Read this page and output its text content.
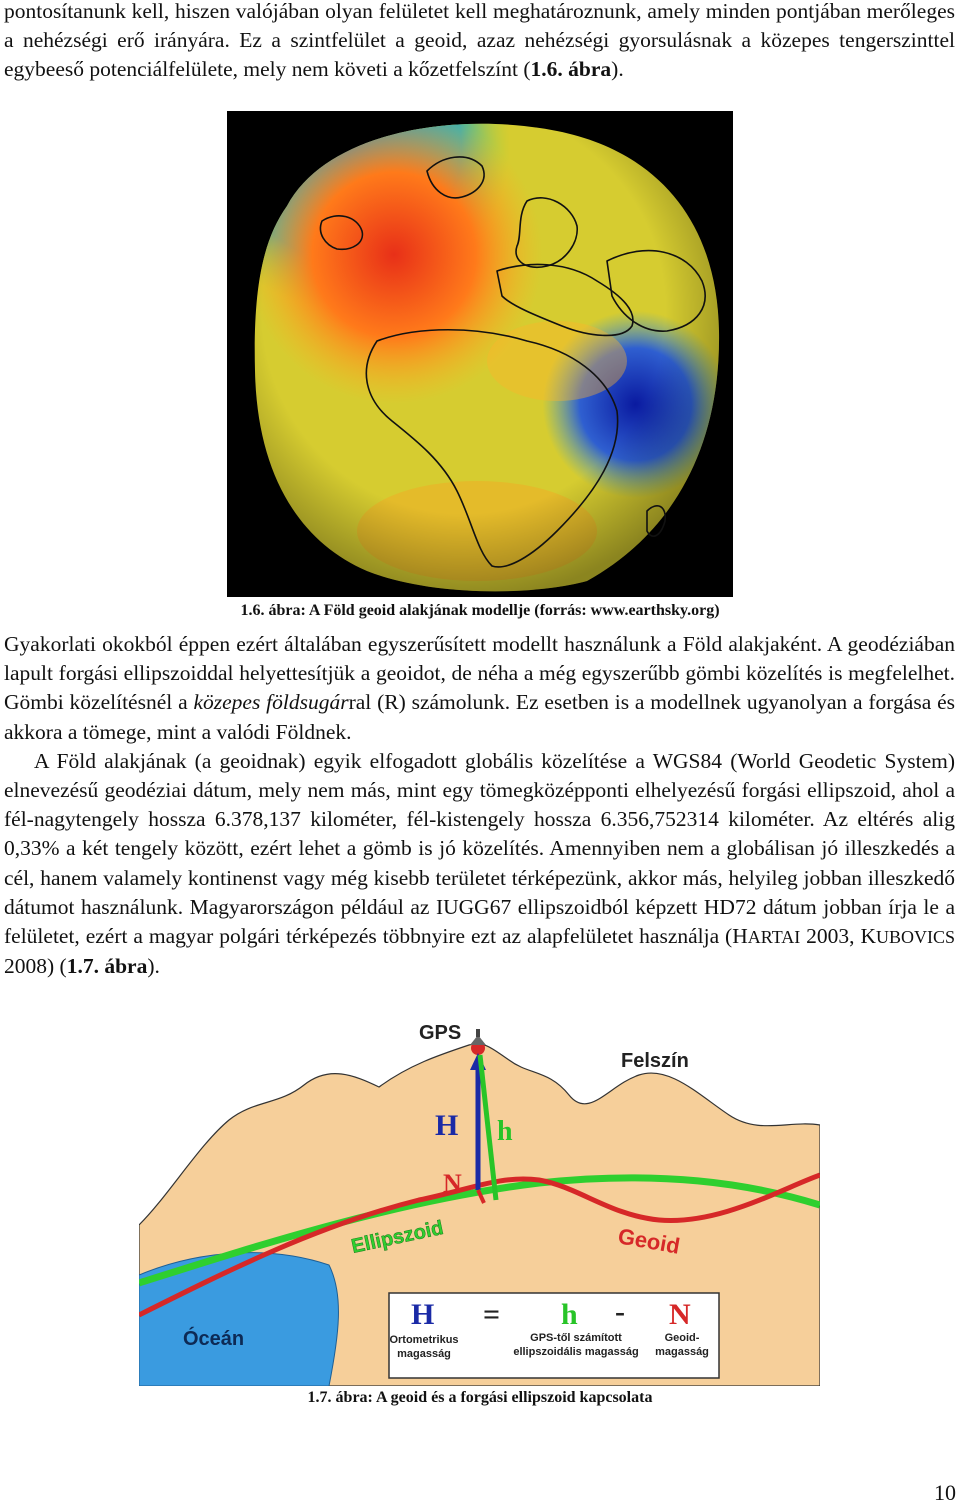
pontosítanunk kell, hiszen valójában olyan felületet kell meghatároznunk, amely minden pontjában merőleges a nehézségi erő irányára. Ez a szintfelület a geoid, azaz nehézségi gyorsulásnak a közepes tengerszinttel egybeeső potenciálfelülete, mely nem követi a kőzetfelszínt (1.6. ábra).
1.6. ábra: A Föld geoid alakjának modellje (forrás: www.earthsky.org)
Gyakorlati okokból éppen ezért általában egyszerűsített modellt használunk a Föld alakjaként. A geodéziában lapult forgási ellipszoiddal helyettesítjük a geoidot, de néha a még egyszerűbb gömbi közelítés is megfelelhet. Gömbi közelítésnél a közepes földsugárral (R) számolunk. Ez esetben is a modellnek ugyanolyan a forgása és akkora a tömege, mint a valódi Földnek.
A Föld alakjának (a geoidnak) egyik elfogadott globális közelítése a WGS84 (World Geodetic System) elnevezésű geodéziai dátum, mely nem más, mint egy tömegközépponti elhelyezésű forgási ellipszoid, ahol a fél-nagytengely hossza 6.378,137 kilométer, fél-kistengely hossza 6.356,752314 kilométer. Az eltérés alig 0,33% a két tengely között, ezért lehet a gömb is jó közelítés. Amennyiben nem a globálisan jó illeszkedés a cél, hanem valamely kontinenst vagy még kisebb területet térképezünk, akkor más, helyileg jobban illeszkedő dátumot használunk. Magyarországon például az IUGG67 ellipszoidból képzett HD72 dátum jobban írja le a felületet, ezért a magyar polgári térképezés többnyire ezt az alapfelületet használja (HARTAI 2003, KUBOVICS 2008) (1.7. ábra).
GPS
Felszín
H h
N
Ellipszoid	Geoid
Óceán
H = h - N
Ortometrikus
magasság
GPS-től számított
ellipszoidális magasság
Geoid-
magasság
1.7. ábra: A geoid és a forgási ellipszoid kapcsolata
10
